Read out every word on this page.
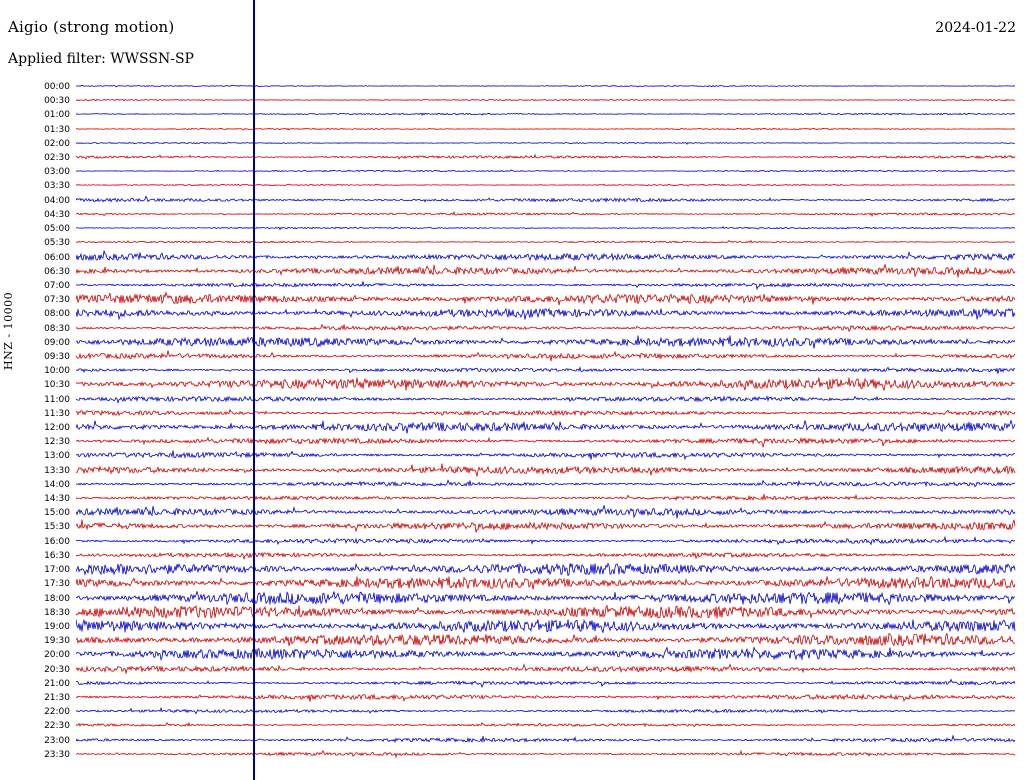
Aigio (strong motion)
Applied filter: WWSSN-SP
2024-01-22
HNZ - 10000
00:00
00:30
01:00
01:30
02:00
02:30
03:00
03:30
04:00
04:30
05:00
05:30
06:00
06:30
07:00
07:30
08:00
08:30
09:00
09:30
10:00
10:30
11:00
11:30
12:00
12:30
13:00
13:30
14:00
14:30
15:00
15:30
16:00
16:30
17:00
17:30
18:00
18:30
19:00
19:30
20:00
20:30
21:00
21:30
22:00
22:30
23:00
23:30
